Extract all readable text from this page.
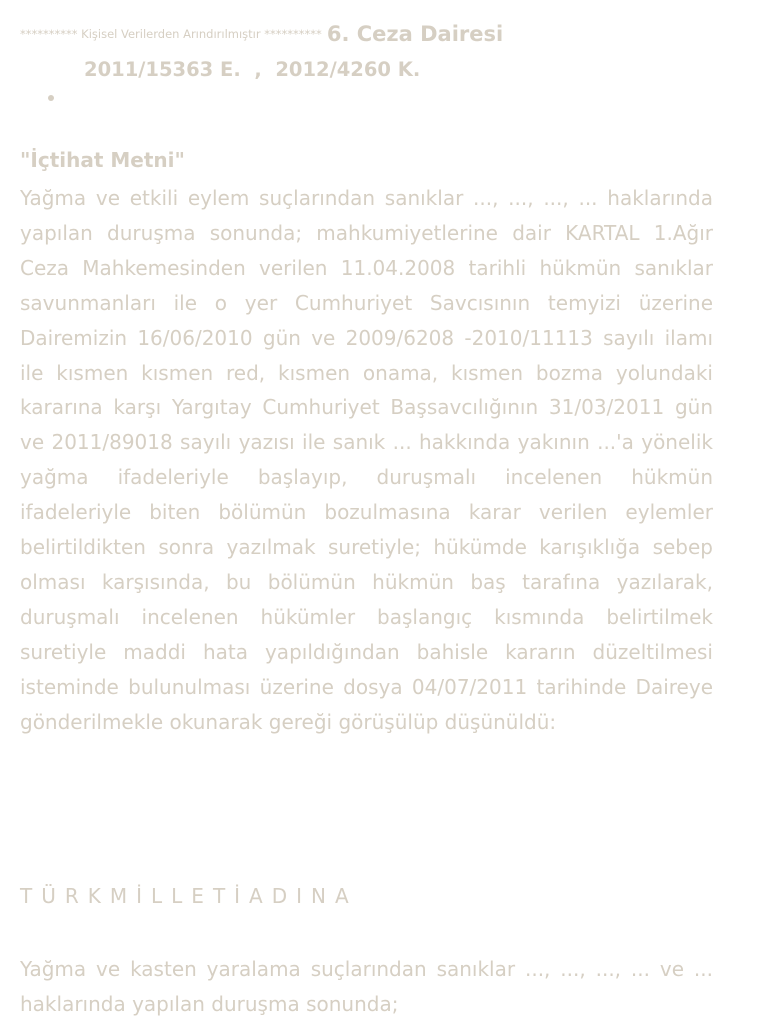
********** Kişisel Verilerden Arındırılmıştır ********** 6. Ceza Dairesi
2011/15363 E.  ,  2012/4260 K.
"İçtihat Metni"

Yağma ve etkili eylem suçlarından sanıklar ..., ..., ..., ... haklarında yapılan duruşma sonunda; mahkumiyetlerine dair KARTAL 1.Ağır Ceza Mahkemesinden verilen 11.04.2008 tarihli hükmün sanıklar savunmanları ile o yer Cumhuriyet Savcısının temyizi üzerine Dairemizin 16/06/2010 gün ve 2009/6208 -2010/11113 sayılı ilamı ile kısmen kısmen red, kısmen onama, kısmen bozma yolundaki kararına karşı Yargıtay Cumhuriyet Başsavcılığının 31/03/2011 gün ve 2011/89018 sayılı yazısı ile sanık ... hakkında yakının ...'a yönelik yağma ifadeleriyle başlayıp, duruşmalı incelenen hükmün ifadeleriyle biten bölümün bozulmasına karar verilen eylemler belirtildikten sonra yazılmak suretiyle; hükümde karışıklığa sebep olması karşısında, bu bölümün hükmün baş tarafına yazılarak, duruşmalı incelenen hükümler başlangıç kısmında belirtilmek suretiyle maddi hata yapıldığından bahisle kararın düzeltilmesi isteminde bulunulması üzerine dosya 04/07/2011 tarihinde Daireye gönderilmekle okunarak gereği görüşülüp düşünüldü:

TÜRKMİLLETİADINA

Yağma ve kasten yaralama suçlarından sanıklar ..., ..., ..., ... ve ... haklarında yapılan duruşma sonunda;
